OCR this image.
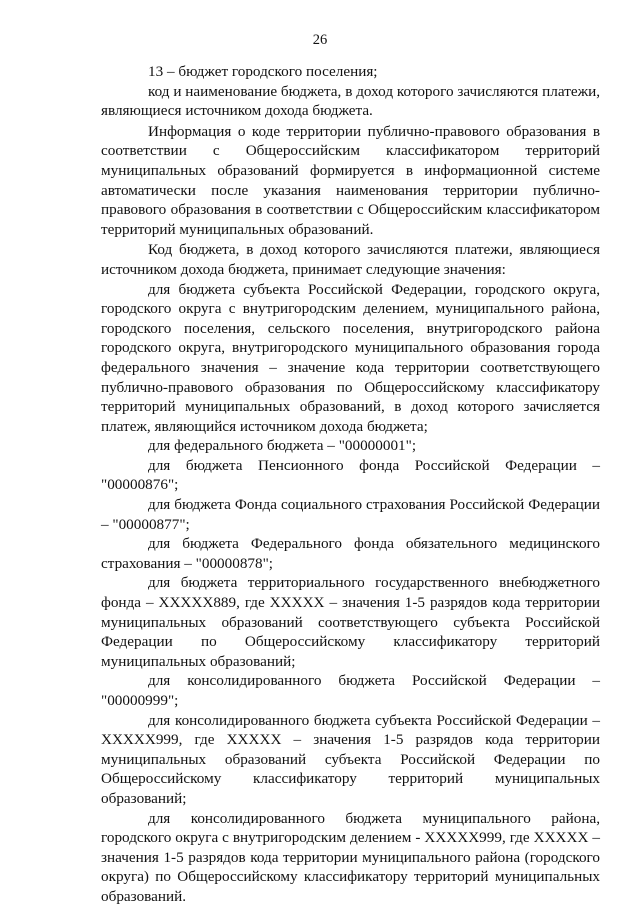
26

13 – бюджет городского поселения;

код и наименование бюджета, в доход которого зачисляются платежи, являющиеся источником дохода бюджета.

Информация о коде территории публично-правового образования в соответствии с Общероссийским классификатором территорий муниципальных образований формируется в информационной системе автоматически после указания наименования территории публично-правового образования в соответствии с Общероссийским классификатором территорий муниципальных образований.

Код бюджета, в доход которого зачисляются платежи, являющиеся источником дохода бюджета, принимает следующие значения:

для бюджета субъекта Российской Федерации, городского округа, городского округа с внутригородским делением, муниципального района, городского поселения, сельского поселения, внутригородского района городского округа, внутригородского муниципального образования города федерального значения – значение кода территории соответствующего публично-правового образования по Общероссийскому классификатору территорий муниципальных образований, в доход которого зачисляется платеж, являющийся источником дохода бюджета;

для федерального бюджета – "00000001";

для бюджета Пенсионного фонда Российской Федерации – "00000876";

для бюджета Фонда социального страхования Российской Федерации – "00000877";

для бюджета Федерального фонда обязательного медицинского страхования – "00000878";

для бюджета территориального государственного внебюджетного фонда – ХХХХХ889, где ХХХХХ – значения 1-5 разрядов кода территории муниципальных образований соответствующего субъекта Российской Федерации по Общероссийскому классификатору территорий муниципальных образований;

для консолидированного бюджета Российской Федерации – "00000999";

для консолидированного бюджета субъекта Российской Федерации – ХХХХХ999, где ХХХХХ – значения 1-5 разрядов кода территории муниципальных образований субъекта Российской Федерации по Общероссийскому классификатору территорий муниципальных образований;

для консолидированного бюджета муниципального района, городского округа с внутригородским делением - ХХХХХ999, где ХХХХХ – значения 1-5 разрядов кода территории муниципального района (городского округа) по Общероссийскому классификатору территорий муниципальных образований.
